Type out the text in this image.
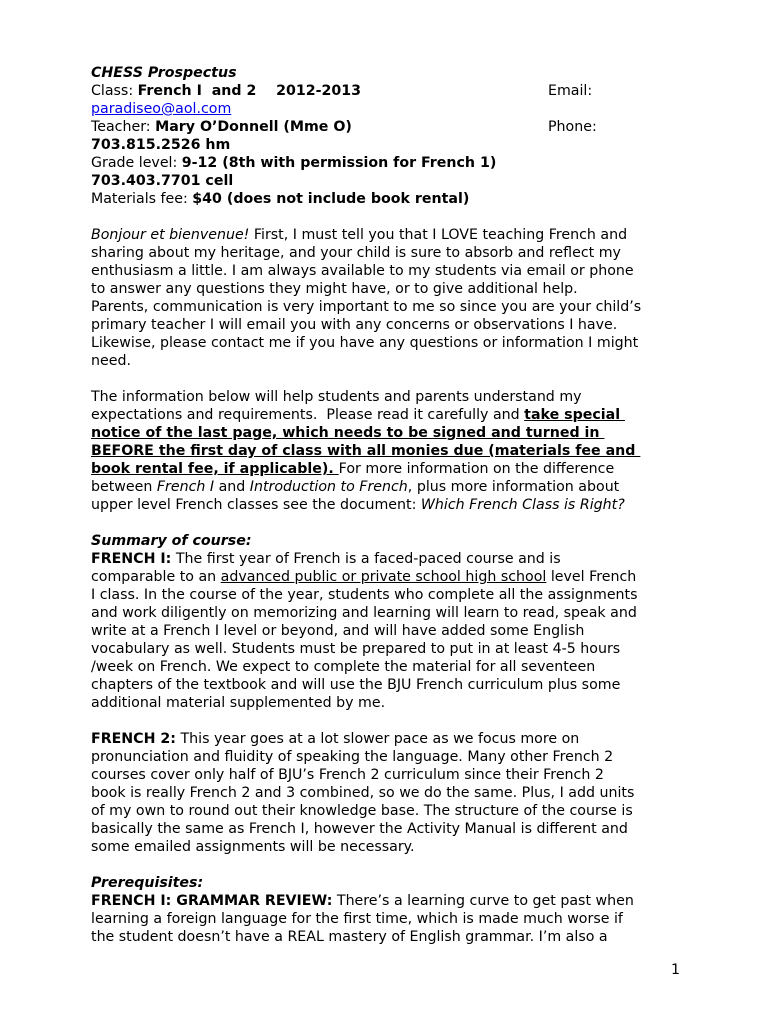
CHESS Prospectus
Class: French I  and 2    2012-2013	Email:
paradiseo@aol.com
Teacher: Mary O’Donnell (Mme O)	Phone:
703.815.2526 hm
Grade level: 9-12 (8th with permission for French 1)
703.403.7701 cell
Materials fee: $40 (does not include book rental)
Bonjour et bienvenue! First, I must tell you that I LOVE teaching French and
sharing about my heritage, and your child is sure to absorb and reflect my
enthusiasm a little. I am always available to my students via email or phone
to answer any questions they might have, or to give additional help.
Parents, communication is very important to me so since you are your child’s
primary teacher I will email you with any concerns or observations I have.
Likewise, please contact me if you have any questions or information I might
need.
The information below will help students and parents understand my
expectations and requirements.  Please read it carefully and take special
notice of the last page, which needs to be signed and turned in
BEFORE the first day of class with all monies due (materials fee and
book rental fee, if applicable). For more information on the difference
between French I and Introduction to French, plus more information about
upper level French classes see the document: Which French Class is Right?
Summary of course:
FRENCH I: The first year of French is a faced-paced course and is
comparable to an advanced public or private school high school level French
I class. In the course of the year, students who complete all the assignments
and work diligently on memorizing and learning will learn to read, speak and
write at a French I level or beyond, and will have added some English
vocabulary as well. Students must be prepared to put in at least 4-5 hours
/week on French. We expect to complete the material for all seventeen
chapters of the textbook and will use the BJU French curriculum plus some
additional material supplemented by me.
FRENCH 2: This year goes at a lot slower pace as we focus more on
pronunciation and fluidity of speaking the language. Many other French 2
courses cover only half of BJU’s French 2 curriculum since their French 2
book is really French 2 and 3 combined, so we do the same. Plus, I add units
of my own to round out their knowledge base. The structure of the course is
basically the same as French I, however the Activity Manual is different and
some emailed assignments will be necessary.
Prerequisites:
FRENCH I: GRAMMAR REVIEW: There’s a learning curve to get past when
learning a foreign language for the first time, which is made much worse if
the student doesn’t have a REAL mastery of English grammar. I’m also a
1
